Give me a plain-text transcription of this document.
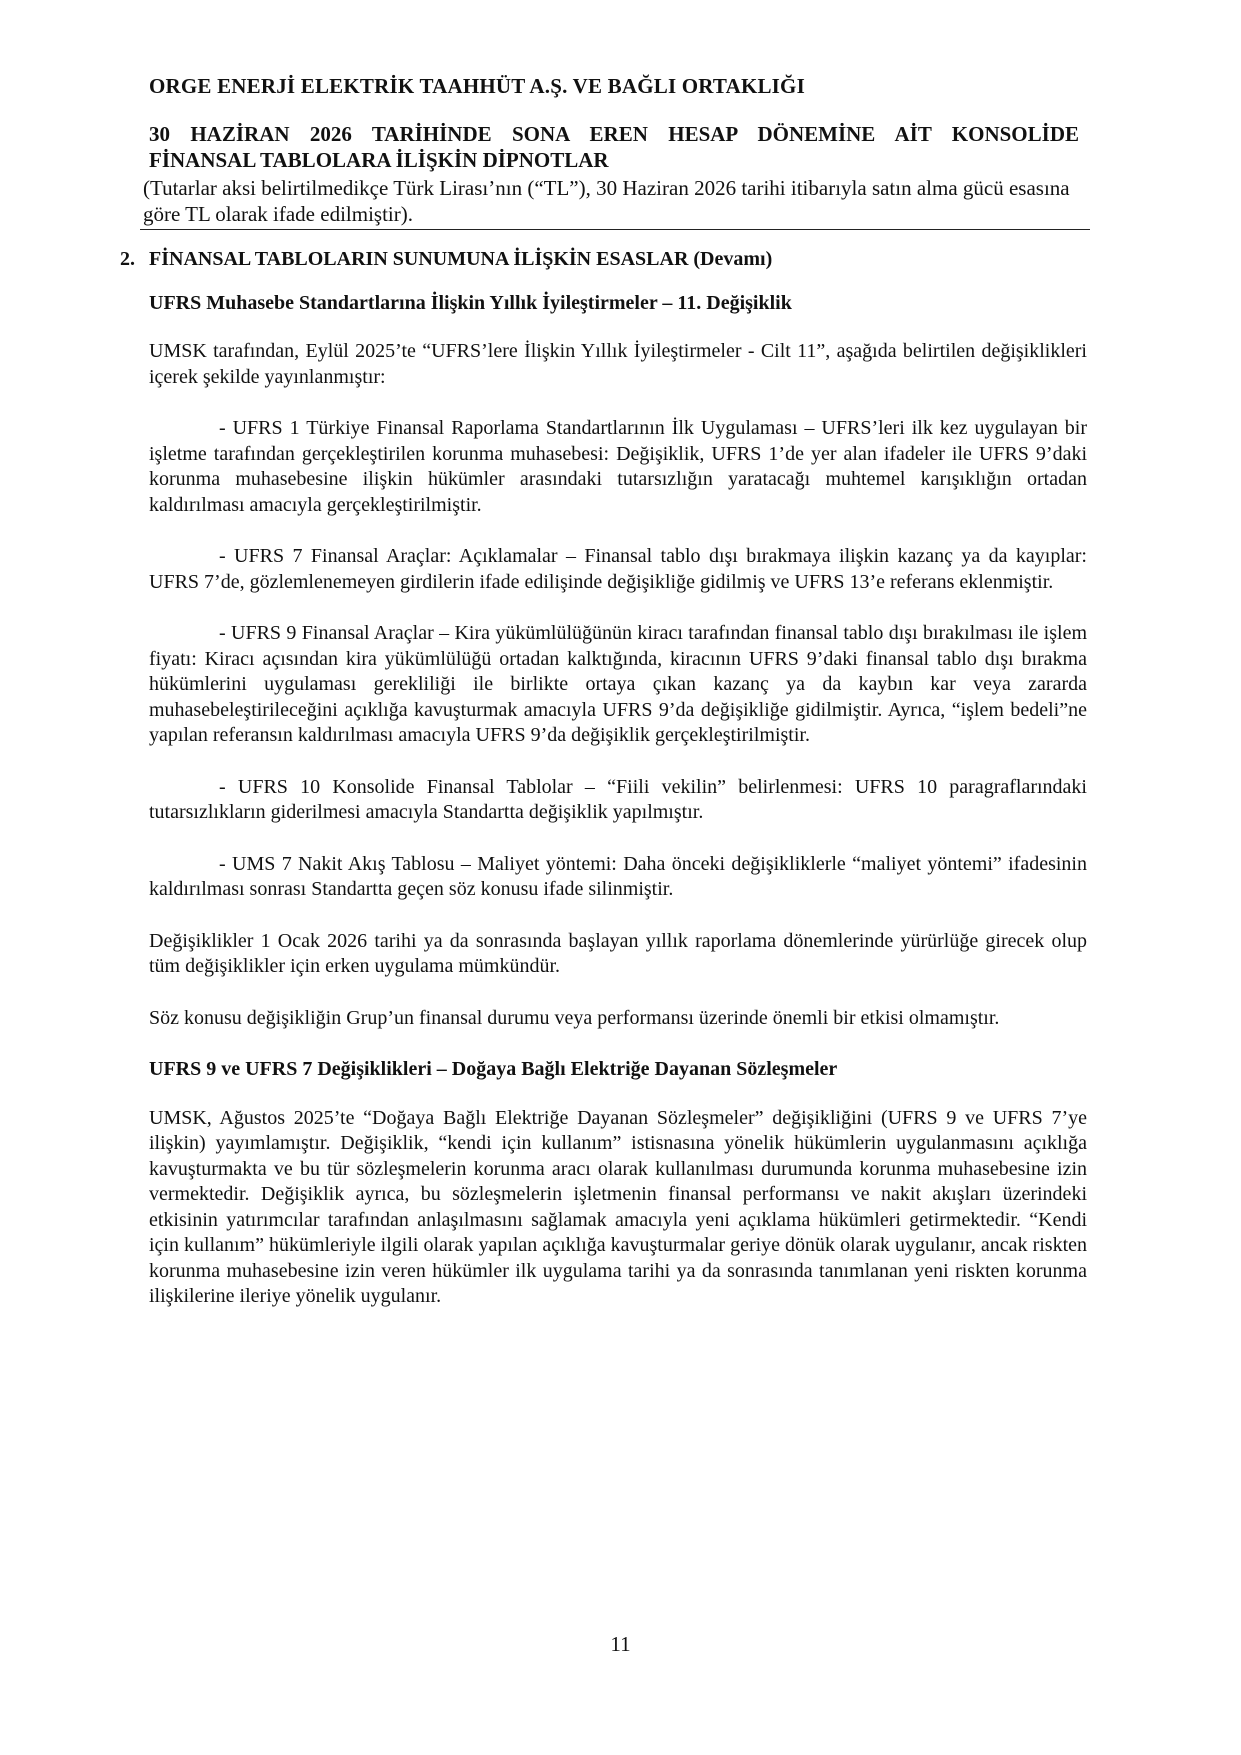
ORGE ENERJİ ELEKTRİK TAAHHÜT A.Ş. VE BAĞLI ORTAKLIĞI
30 HAZİRAN 2026 TARİHİNDE SONA EREN HESAP DÖNEMİNE AİT KONSOLİDE
FİNANSAL TABLOLARA İLİŞKİN DİPNOTLAR

(Tutarlar aksi belirtilmedikçe Türk Lirası’nın (“TL”), 30 Haziran 2026 tarihi itibarıyla satın alma gücü esasına göre TL olarak ifade edilmiştir).

2. FİNANSAL TABLOLARIN SUNUMUNA İLİŞKİN ESASLAR (Devamı)
UFRS Muhasebe Standartlarına İlişkin Yıllık İyileştirmeler – 11. Değişiklik

UMSK tarafından, Eylül 2025’te “UFRS’lere İlişkin Yıllık İyileştirmeler - Cilt 11”, aşağıda belirtilen değişiklikleri içerek şekilde yayınlanmıştır:

- UFRS 1 Türkiye Finansal Raporlama Standartlarının İlk Uygulaması – UFRS’leri ilk kez uygulayan bir işletme tarafından gerçekleştirilen korunma muhasebesi: Değişiklik, UFRS 1’de yer alan ifadeler ile UFRS 9’daki korunma muhasebesine ilişkin hükümler arasındaki tutarsızlığın yaratacağı muhtemel karışıklığın ortadan kaldırılması amacıyla gerçekleştirilmiştir.

- UFRS 7 Finansal Araçlar: Açıklamalar – Finansal tablo dışı bırakmaya ilişkin kazanç ya da kayıplar: UFRS 7’de, gözlemlenemeyen girdilerin ifade edilişinde değişikliğe gidilmiş ve UFRS 13’e referans eklenmiştir.

- UFRS 9 Finansal Araçlar – Kira yükümlülüğünün kiracı tarafından finansal tablo dışı bırakılması ile işlem fiyatı: Kiracı açısından kira yükümlülüğü ortadan kalktığında, kiracının UFRS 9’daki finansal tablo dışı bırakma hükümlerini uygulaması gerekliliği ile birlikte ortaya çıkan kazanç ya da kaybın kar veya zararda muhasebeleştirileceğini açıklığa kavuşturmak amacıyla UFRS 9’da değişikliğe gidilmiştir. Ayrıca, “işlem bedeli”ne yapılan referansın kaldırılması amacıyla UFRS 9’da değişiklik gerçekleştirilmiştir.

- UFRS 10 Konsolide Finansal Tablolar – “Fiili vekilin” belirlenmesi: UFRS 10 paragraflarındaki tutarsızlıkların giderilmesi amacıyla Standartta değişiklik yapılmıştır.

- UMS 7 Nakit Akış Tablosu – Maliyet yöntemi: Daha önceki değişikliklerle “maliyet yöntemi” ifadesinin kaldırılması sonrası Standartta geçen söz konusu ifade silinmiştir.

Değişiklikler 1 Ocak 2026 tarihi ya da sonrasında başlayan yıllık raporlama dönemlerinde yürürlüğe girecek olup tüm değişiklikler için erken uygulama mümkündür.

Söz konusu değişikliğin Grup’un finansal durumu veya performansı üzerinde önemli bir etkisi olmamıştır.

UFRS 9 ve UFRS 7 Değişiklikleri – Doğaya Bağlı Elektriğe Dayanan Sözleşmeler

UMSK, Ağustos 2025’te “Doğaya Bağlı Elektriğe Dayanan Sözleşmeler” değişikliğini (UFRS 9 ve UFRS 7’ye ilişkin) yayımlamıştır. Değişiklik, “kendi için kullanım” istisnasına yönelik hükümlerin uygulanmasını açıklığa kavuşturmakta ve bu tür sözleşmelerin korunma aracı olarak kullanılması durumunda korunma muhasebesine izin vermektedir. Değişiklik ayrıca, bu sözleşmelerin işletmenin finansal performansı ve nakit akışları üzerindeki etkisinin yatırımcılar tarafından anlaşılmasını sağlamak amacıyla yeni açıklama hükümleri getirmektedir. “Kendi için kullanım” hükümleriyle ilgili olarak yapılan açıklığa kavuşturmalar geriye dönük olarak uygulanır, ancak riskten korunma muhasebesine izin veren hükümler ilk uygulama tarihi ya da sonrasında tanımlanan yeni riskten korunma ilişkilerine ileriye yönelik uygulanır.

11
